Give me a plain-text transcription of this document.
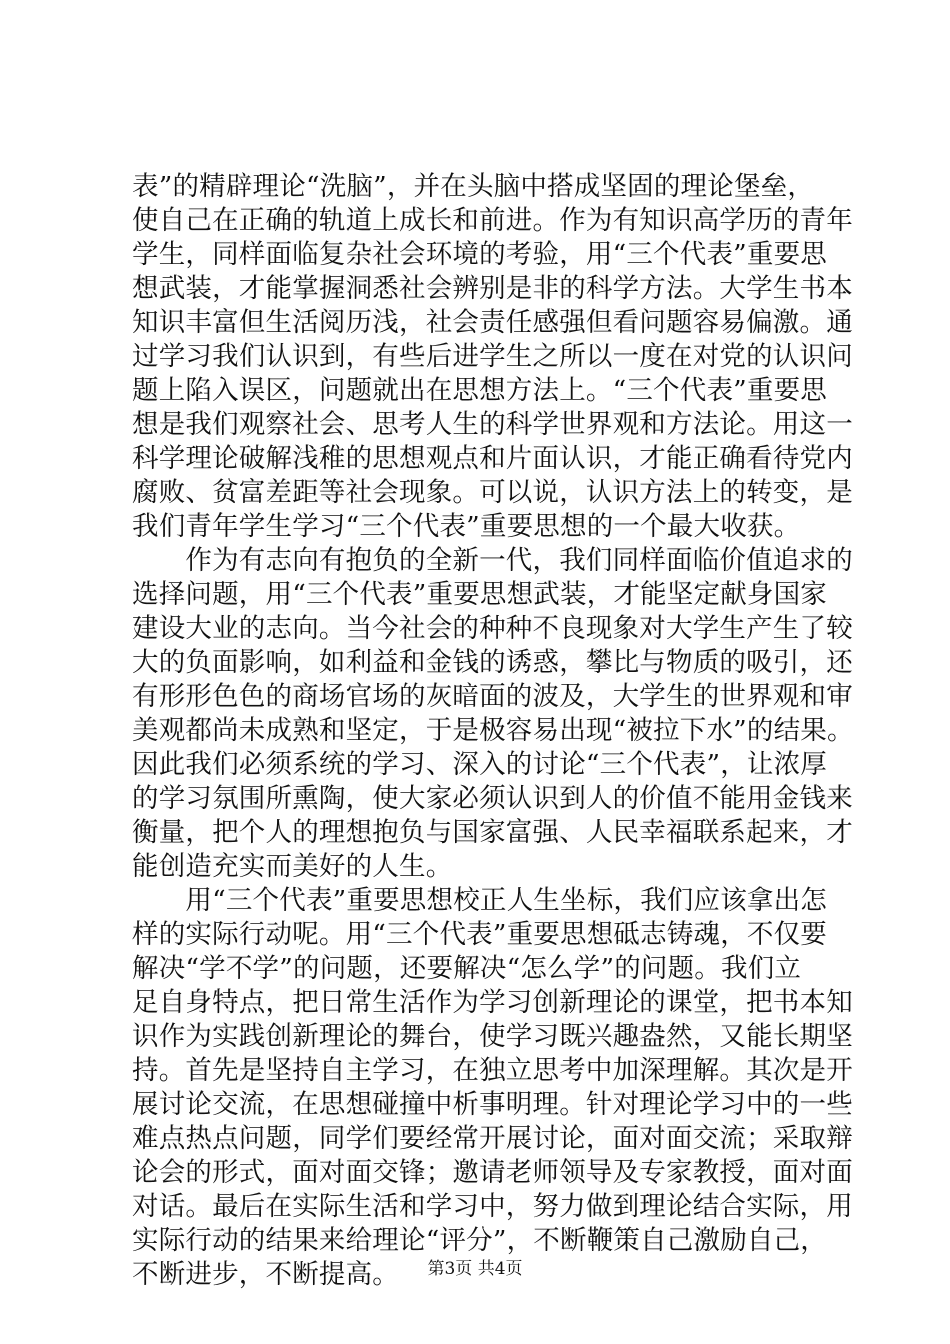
表”的精辟理论“洗脑”，并在头脑中搭成坚固的理论堡垒，
使自己在正确的轨道上成长和前进。作为有知识高学历的青年
学生，同样面临复杂社会环境的考验，用“三个代表”重要思
想武装，才能掌握洞悉社会辨别是非的科学方法。大学生书本
知识丰富但生活阅历浅，社会责任感强但看问题容易偏激。通
过学习我们认识到，有些后进学生之所以一度在对党的认识问
题上陷入误区，问题就出在思想方法上。“三个代表”重要思
想是我们观察社会、思考人生的科学世界观和方法论。用这一
科学理论破解浅稚的思想观点和片面认识，才能正确看待党内
腐败、贫富差距等社会现象。可以说，认识方法上的转变，是
我们青年学生学习“三个代表”重要思想的一个最大收获。
　　作为有志向有抱负的全新一代，我们同样面临价值追求的
选择问题，用“三个代表”重要思想武装，才能坚定献身国家
建设大业的志向。当今社会的种种不良现象对大学生产生了较
大的负面影响，如利益和金钱的诱惑，攀比与物质的吸引，还
有形形色色的商场官场的灰暗面的波及，大学生的世界观和审
美观都尚未成熟和坚定，于是极容易出现“被拉下水”的结果。
因此我们必须系统的学习、深入的讨论“三个代表”，让浓厚
的学习氛围所熏陶，使大家必须认识到人的价值不能用金钱来
衡量，把个人的理想抱负与国家富强、人民幸福联系起来，才
能创造充实而美好的人生。
　　用“三个代表”重要思想校正人生坐标，我们应该拿出怎
样的实际行动呢。用“三个代表”重要思想砥志铸魂，不仅要
解决“学不学”的问题，还要解决“怎么学”的问题。我们立
足自身特点，把日常生活作为学习创新理论的课堂，把书本知
识作为实践创新理论的舞台，使学习既兴趣盎然，又能长期坚
持。首先是坚持自主学习，在独立思考中加深理解。其次是开
展讨论交流，在思想碰撞中析事明理。针对理论学习中的一些
难点热点问题，同学们要经常开展讨论，面对面交流；采取辩
论会的形式，面对面交锋；邀请老师领导及专家教授，面对面
对话。最后在实际生活和学习中，努力做到理论结合实际，用
实际行动的结果来给理论“评分”，不断鞭策自己激励自己，
不断进步，不断提高。	第3页 共4页
